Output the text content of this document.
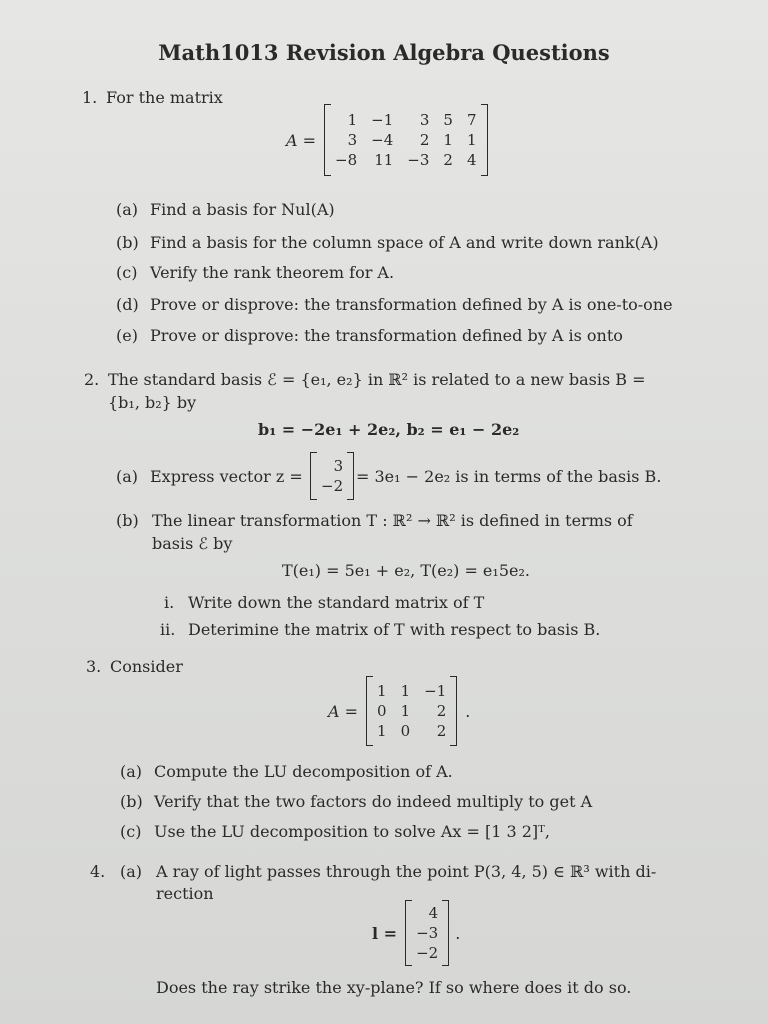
Math1013 Revision Algebra Questions
1. For the matrix
A =
1 −1	3 5 7
3 −4	2 1 1
−8 11 −3 2 4
(a) Find a basis for Nul(A)
(b) Find a basis for the column space of A and write down rank(A)
(c) Verify the rank theorem for A.
(d) Prove or disprove: the transformation defined by A is one-to-one
(e) Prove or disprove: the transformation defined by A is onto
2. The standard basis ℰ = {e₁, e₂} in ℝ² is related to a new basis B =
{b₁, b₂} by
b₁ = −2e₁ + 2e₂, b₂ = e₁ − 2e₂
(a) Express vector z =
3
−2 = 3e₁ − 2e₂ is in terms of the basis B.
(b) The linear transformation T : ℝ² → ℝ² is defined in terms of
basis ℰ by
T(e₁) = 5e₁ + e₂, T(e₂) = e₁5e₂.
i. Write down the standard matrix of T
ii. Deterimine the matrix of T with respect to basis B.
3. Consider
A =
1 1 −1
0 1	2
1 0	2
.
(a) Compute the LU decomposition of A.
(b) Verify that the two factors do indeed multiply to get A
(c) Use the LU decomposition to solve Ax = [1 3 2]ᵀ,
4. (a) A ray of light passes through the point P(3, 4, 5) ∈ ℝ³ with di-
rection
l =
4
−3
−2
.
Does the ray strike the xy-plane? If so where does it do so.
